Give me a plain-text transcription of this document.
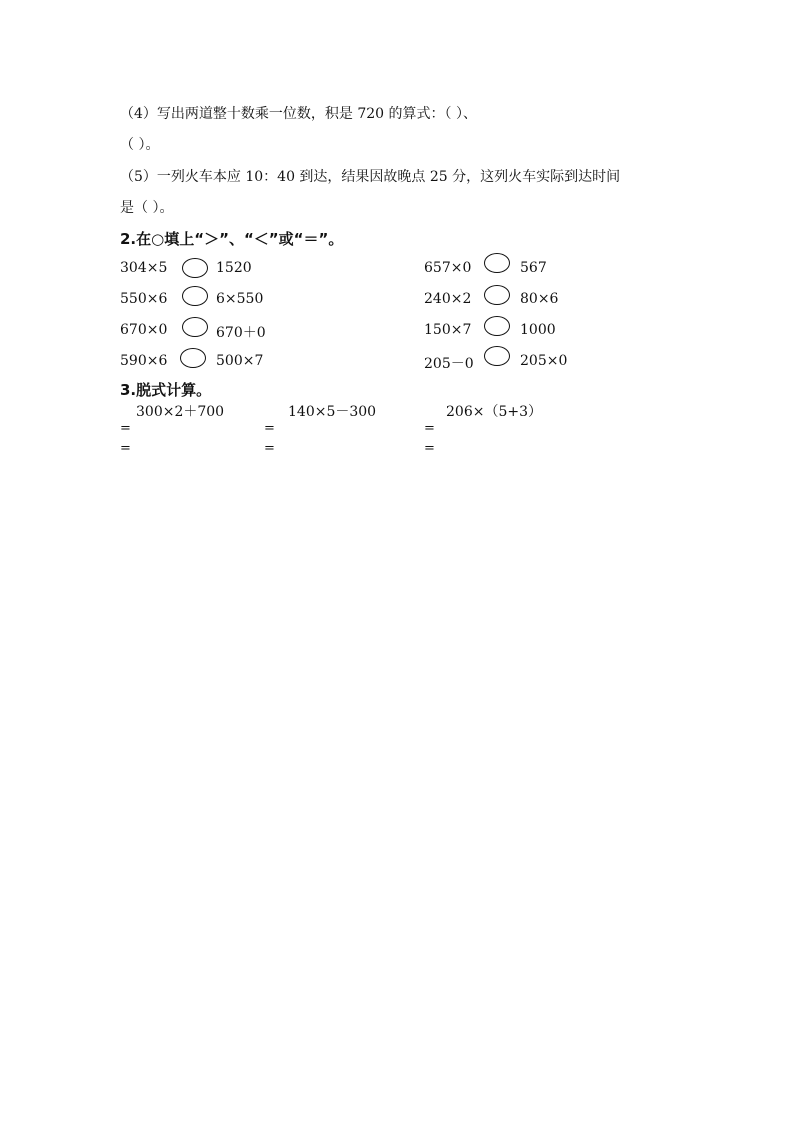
（4）写出两道整十数乘一位数，积是 720 的算式：（ ）、
（ ）。
（5）一列火车本应 10：40 到达，结果因故晚点 25 分，这列火车实际到达时间
是（ ）。
2.在○填上“＞”、“＜”或“＝”。
304×5	1520	657×0	567
550×6	6×550	240×2	80×6
670×0	670＋0	150×7	1000
590×6	500×7	205－0	205×0
3.脱式计算。
300×2＋700	140×5－300	206×（5+3）
=	=	=
=	=	=
